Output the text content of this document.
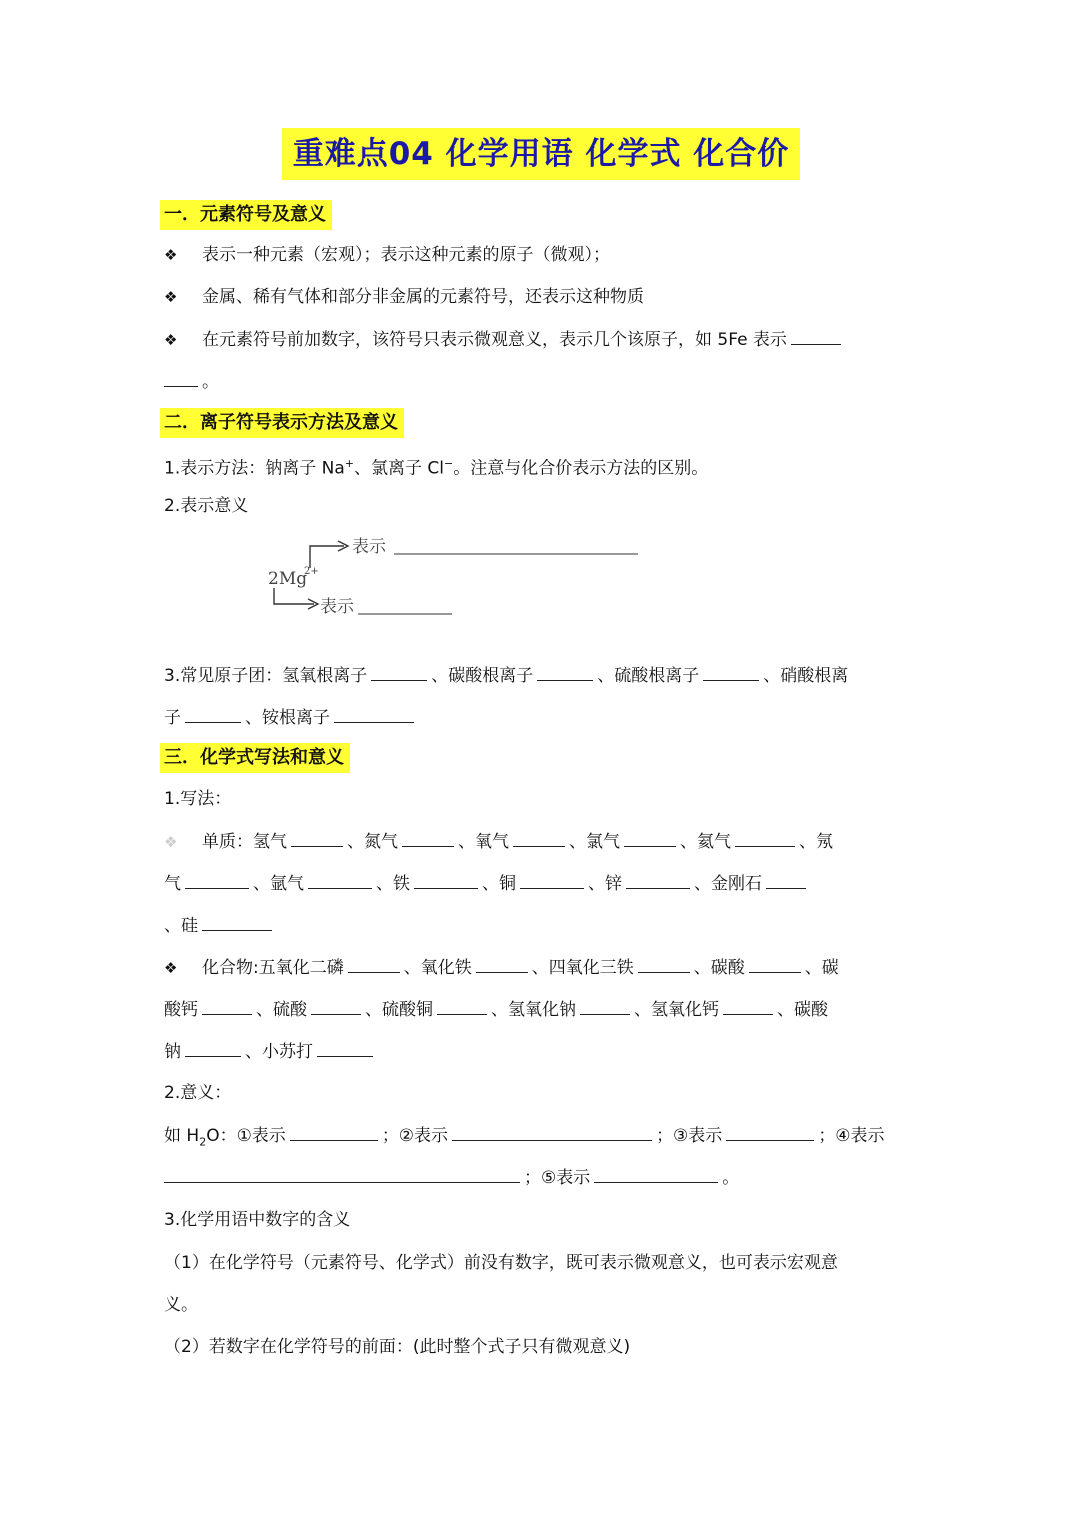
重难点04 化学用语 化学式 化合价
一．元素符号及意义
❖ 表示一种元素（宏观）；表示这种元素的原子（微观）；
❖ 金属、稀有气体和部分非金属的元素符号，还表示这种物质
❖ 在元素符号前加数字，该符号只表示微观意义，表示几个该原子，如 5Fe 表示
。
二．离子符号表示方法及意义
1.表示方法：钠离子 Na+、氯离子 Cl−。注意与化合价表示方法的区别。
2.表示意义
表示
2Mg
2+
表示
3.常见原子团：氢氧根离子	、碳酸根离子	、硫酸根离子	、硝酸根离
子	、铵根离子
三．化学式写法和意义
1.写法：
❖ 单质：氢气	、氮气	、氧气	、氯气	、氦气	、氖
气	、氩气	、铁	、铜	、锌	、金刚石
、硅
❖ 化合物:五氧化二磷	、氧化铁	、四氧化三铁	、碳酸	、碳
酸钙	、硫酸	、硫酸铜	、氢氧化钠	、氢氧化钙	、碳酸
钠	、小苏打
2.意义：
如 $H_2O$：①表示	；②表示	；③表示	；④表示
；⑤表示	。
3.化学用语中数字的含义
（1）在化学符号（元素符号、化学式）前没有数字，既可表示微观意义，也可表示宏观意
义。
（2）若数字在化学符号的前面：(此时整个式子只有微观意义)
